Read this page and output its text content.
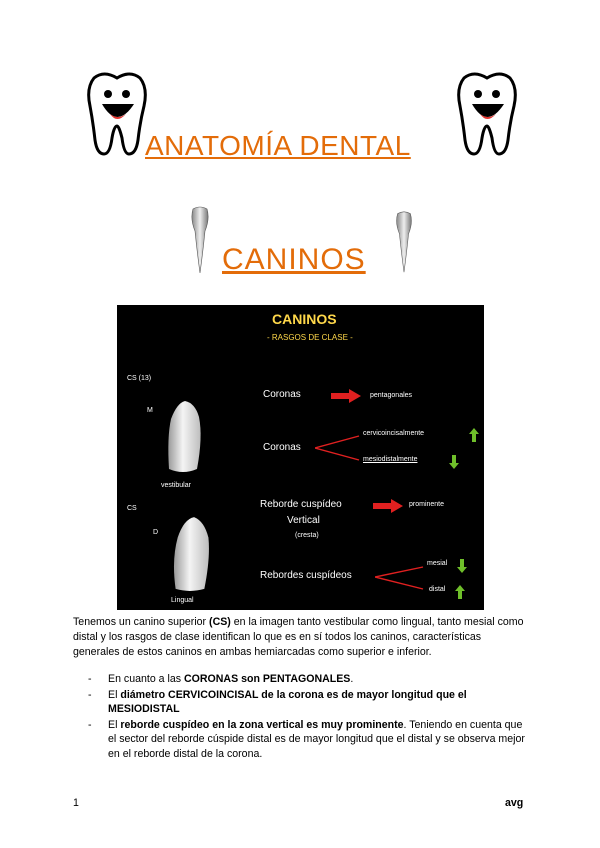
ANATOMÍA DENTAL
CANINOS
CANINOS
- RASGOS DE CLASE -
CS (13)
M
vestibular
CS
D
Lingual
Coronas	pentagonales
Coronas
cervicoincisalmente
mesiodistalmente
Reborde cuspídeo
Vertical
(cresta)
prominente
Rebordes cuspídeos
mesial
distal
Tenemos un canino superior (CS) en la imagen tanto vestibular como lingual, tanto mesial como distal y los rasgos de clase identifican lo que es en sí todos los caninos, características generales de estos caninos en ambas hemiarcadas como superior e inferior.
- En cuanto a las CORONAS son PENTAGONALES.
- El diámetro CERVICOINCISAL de la corona es de mayor longitud que el MESIODISTAL
- El reborde cuspídeo en la zona vertical es muy prominente. Teniendo en cuenta que el sector del reborde cúspide distal es de mayor longitud que el distal y se observa mejor en el reborde distal de la corona.
1	avg
